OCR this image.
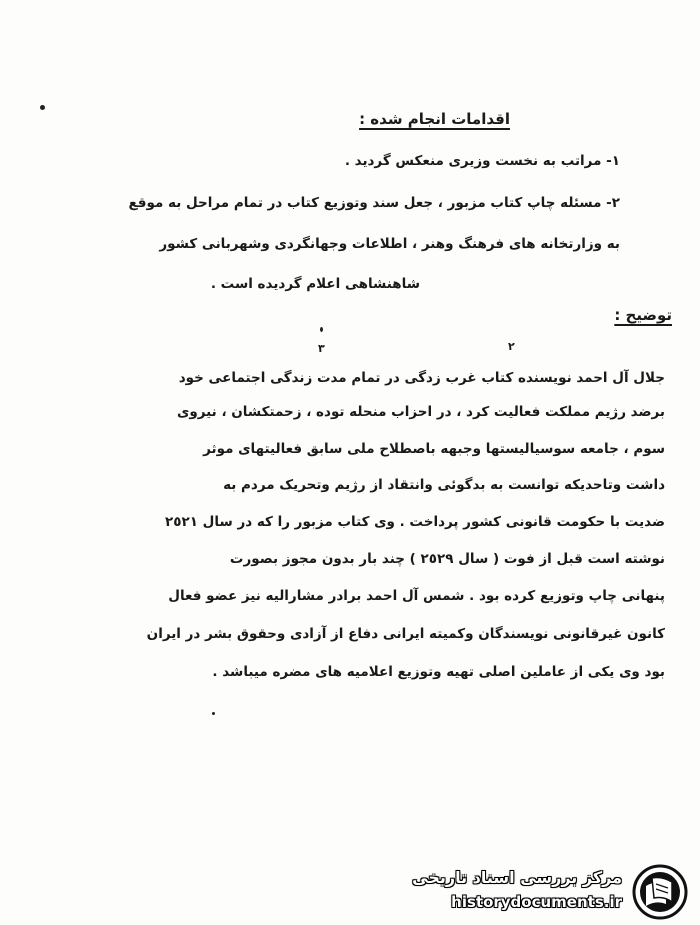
اقدامات انجام شده :
١- مراتب به نخست وزیری منعکس گردید .
٢- مسئله چاپ کتاب مزبور ، جعل سند وتوزیع کتاب در تمام مراحل به موقع
به وزارتخانه های فرهنگ وهنر ، اطلاعات وجهانگردی وشهربانی کشور
شاهنشاهی اعلام گردیده است .
توضیح :
٢
٣
جلال آل احمد نویسنده کتاب غرب زدگی در تمام مدت زندگی اجتماعی خود
برضد رژیم مملکت فعالیت کرد ، در احزاب منحله توده ، زحمتکشان ، نیروی
سوم ، جامعه سوسیالیستها وجبهه باصطلاح ملی سابق فعالیتهای موثر
داشت وتاحدیکه توانست به بدگوئی وانتقاد از رژیم وتحریک مردم به
ضدیت با حکومت قانونی کشور پرداخت . وی کتاب مزبور را که در سال ٢٥٢١
نوشته است قبل از فوت ( سال ٢٥٢٩ ) چند بار بدون مجوز بصورت
پنهانی چاپ وتوزیع کرده بود . شمس آل احمد برادر مشارالیه نیز عضو فعال
کانون غیرقانونی نویسندگان وکمیته ایرانی دفاع از آزادی وحقوق بشر در ایران
بود وی یکی از عاملین اصلی تهیه وتوزیع اعلامیه های مضره میباشد .
مرکز بررسی اسناد تاریخی
historydocuments.ir
